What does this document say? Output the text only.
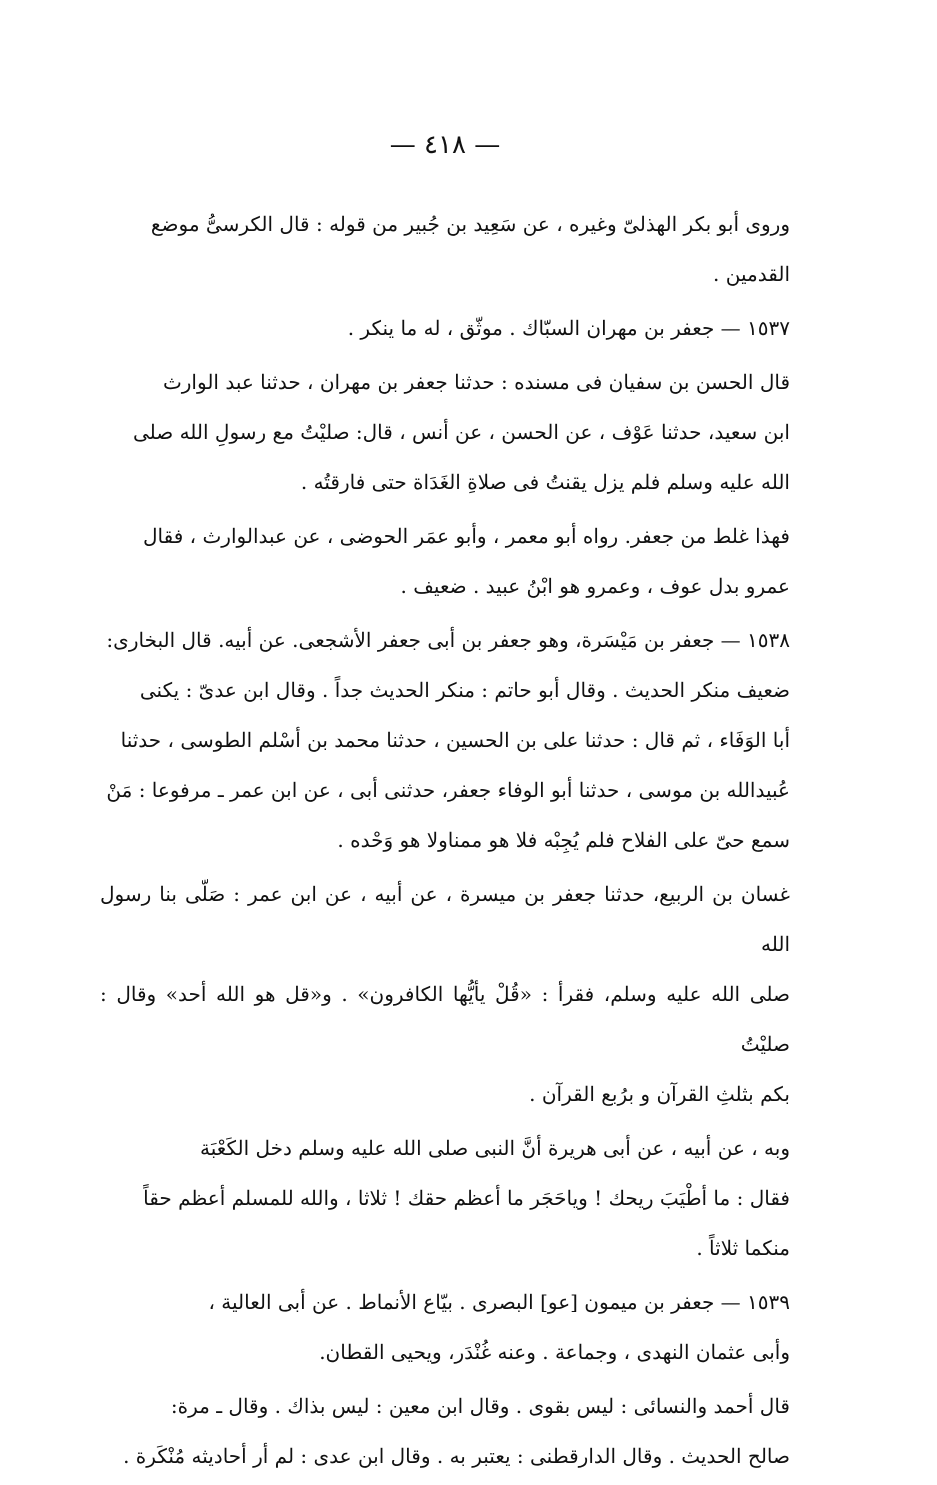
— ٤١٨ —

وروى أبو بكر الهذلىّ وغيره ، عن سَعِيد بن جُبير من قوله : قال الكرسىُّ موضع
القدمين .

١٥٣٧ — جعفر بن مهران السبّاك . موثّق ، له ما ينكر .

قال الحسن بن سفيان فى مسنده : حدثنا جعفر بن مهران ، حدثنا عبد الوارث
ابن سعيد، حدثنا عَوْف ، عن الحسن ، عن أنس ، قال: صليْتُ مع رسولِ الله صلى
الله عليه وسلم فلم يزل يقنتُ فى صلاةِ الغَدَاة حتى فارقتُه .

فهذا غلط من جعفر. رواه أبو معمر ، وأبو عمَر الحوضى ، عن عبدالوارث ، فقال
عمرو بدل عوف ، وعمرو هو ابْنُ عبيد . ضعيف .

١٥٣٨ — جعفر بن مَيْسَرة، وهو جعفر بن أبى جعفر الأشجعى. عن أبيه. قال البخارى:
ضعيف منكر الحديث . وقال أبو حاتم : منكر الحديث جداً . وقال ابن عدىّ : يكنى
أبا الوَفَاء ، ثم قال : حدثنا على بن الحسين ، حدثنا محمد بن أسْلم الطوسى ، حدثنا
عُبيدالله بن موسى ، حدثنا أبو الوفاء جعفر، حدثنى أبى ، عن ابن عمر ـ مرفوعا : مَنْ
سمع حىّ على الفلاح فلم يُجِبْه فلا هو ممناولا هو وَحْده .

غسان بن الربيع، حدثنا جعفر بن ميسرة ، عن أبيه ، عن ابن عمر : صَلّى بنا رسول الله
صلى الله عليه وسلم، فقرأ : «قُلْ يأيُّها الكافرون» . و«قل هو الله أحد» وقال : صليْتُ
بكم بثلثِ القرآن و برُبع القرآن .

وبه ، عن أبيه ، عن أبى هريرة أنَّ النبى صلى الله عليه وسلم دخل الكَعْبَة
فقال : ما أطْيَبَ ريحك ! وياحَجَر ما أعظم حقك ! ثلاثا ، والله للمسلم أعظم حقاً
منكما ثلاثاً .

١٥٣٩ — جعفر بن ميمون [عو] البصرى . بيّاع الأنماط . عن أبى العالية ،
وأبى عثمان النهدى ، وجماعة . وعنه غُنْدَر، ويحيى القطان.

قال أحمد والنسائى : ليس بقوى . وقال ابن معين : ليس بذاك . وقال ـ مرة:
صالح الحديث . وقال الدارقطنى : يعتبر به . وقال ابن عدى : لم أر أحاديثه مُنْكَرة .
